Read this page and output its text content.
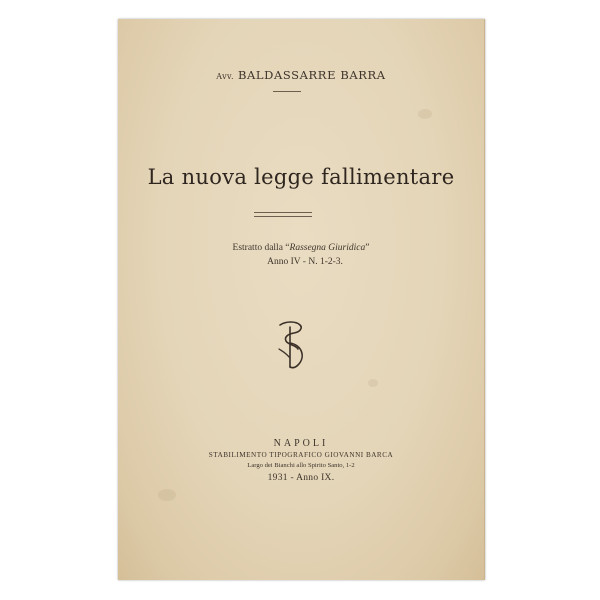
Avv. BALDASSARRE BARRA
La nuova legge fallimentare
Estratto dalla “Rassegna Giuridica”
Anno IV - N. 1-2-3.
NAPOLI
STABILIMENTO TIPOGRAFICO GIOVANNI BARCA
Largo dei Bianchi allo Spirito Santo, 1-2
1931 - Anno IX.
